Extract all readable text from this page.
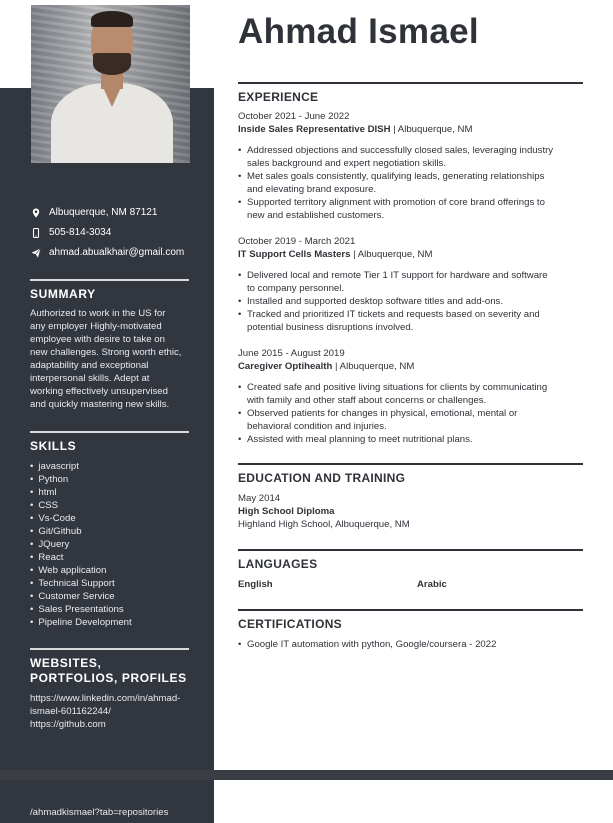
Albuquerque, NM 87121
505-814-3034
ahmad.abualkhair@gmail.com
SUMMARY
Authorized to work in the US for
any employer Highly-motivated
employee with desire to take on
new challenges. Strong worth ethic,
adaptability and exceptional
interpersonal skills. Adept at
working effectively unsupervised
and quickly mastering new skills.
SKILLS
• javascript
• Python
• html
• CSS
• Vs-Code
• Git/Github
• JQuery
• React
• Web application
• Technical Support
• Customer Service
• Sales Presentations
• Pipeline Development
WEBSITES,
PORTFOLIOS, PROFILES
https://www.linkedin.com/in/ahmad-
ismael-601162244/
https://github.com
Ahmad Ismael
EXPERIENCE
October 2021 - June 2022
Inside Sales Representative DISH | Albuquerque, NM
• Addressed objections and successfully closed sales, leveraging industry
sales background and expert negotiation skills.
• Met sales goals consistently, qualifying leads, generating relationships
and elevating brand exposure.
• Supported territory alignment with promotion of core brand offerings to
new and established customers.
October 2019 - March 2021
IT Support Cells Masters | Albuquerque, NM
• Delivered local and remote Tier 1 IT support for hardware and software
to company personnel.
• Installed and supported desktop software titles and add-ons.
• Tracked and prioritized IT tickets and requests based on severity and
potential business disruptions involved.
June 2015 - August 2019
Caregiver Optihealth | Albuquerque, NM
• Created safe and positive living situations for clients by communicating
with family and other staff about concerns or challenges.
• Observed patients for changes in physical, emotional, mental or
behavioral condition and injuries.
• Assisted with meal planning to meet nutritional plans.
EDUCATION AND TRAINING
May 2014
High School Diploma
Highland High School, Albuquerque, NM
LANGUAGES
English	Arabic
CERTIFICATIONS
• Google IT automation with python, Google/coursera - 2022
/ahmadkismael?tab=repositories
